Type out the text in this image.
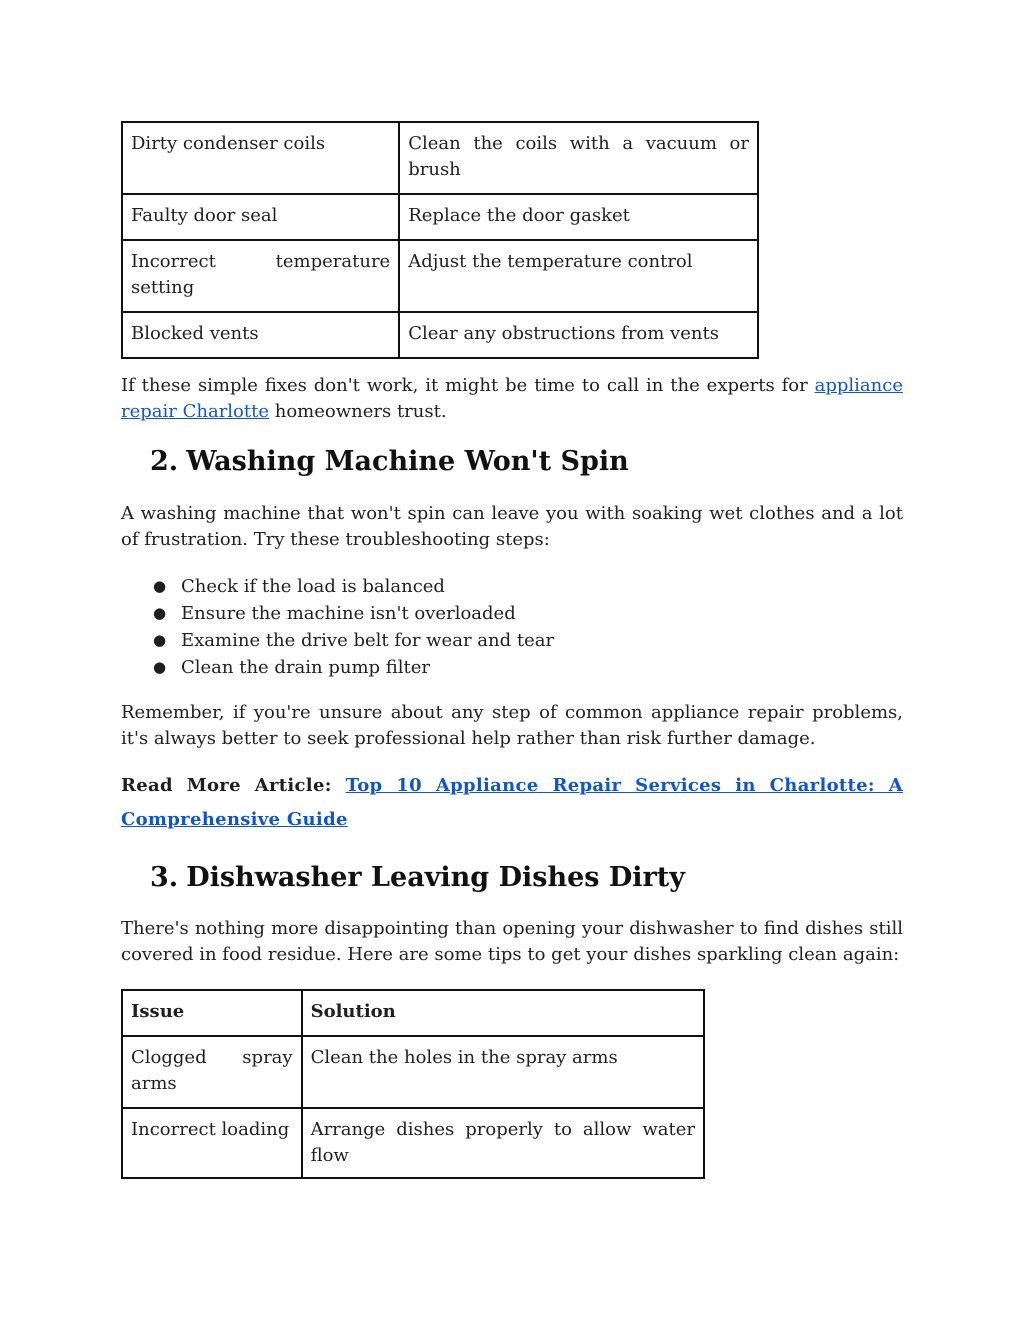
Dirty condenser coils	Clean the coils with a vacuum or brush
Faulty door seal	Replace the door gasket
Incorrect temperature setting	Adjust the temperature control
Blocked vents	Clear any obstructions from vents

If these simple fixes don't work, it might be time to call in the experts for appliance repair Charlotte homeowners trust.

2. Washing Machine Won't Spin

A washing machine that won't spin can leave you with soaking wet clothes and a lot of frustration. Try these troubleshooting steps:

● Check if the load is balanced
● Ensure the machine isn't overloaded
● Examine the drive belt for wear and tear
● Clean the drain pump filter

Remember, if you're unsure about any step of common appliance repair problems, it's always better to seek professional help rather than risk further damage.

Read More Article: Top 10 Appliance Repair Services in Charlotte: A Comprehensive Guide

3. Dishwasher Leaving Dishes Dirty

There's nothing more disappointing than opening your dishwasher to find dishes still covered in food residue. Here are some tips to get your dishes sparkling clean again:

Issue	Solution
Clogged spray arms	Clean the holes in the spray arms
Incorrect loading	Arrange dishes properly to allow water flow
